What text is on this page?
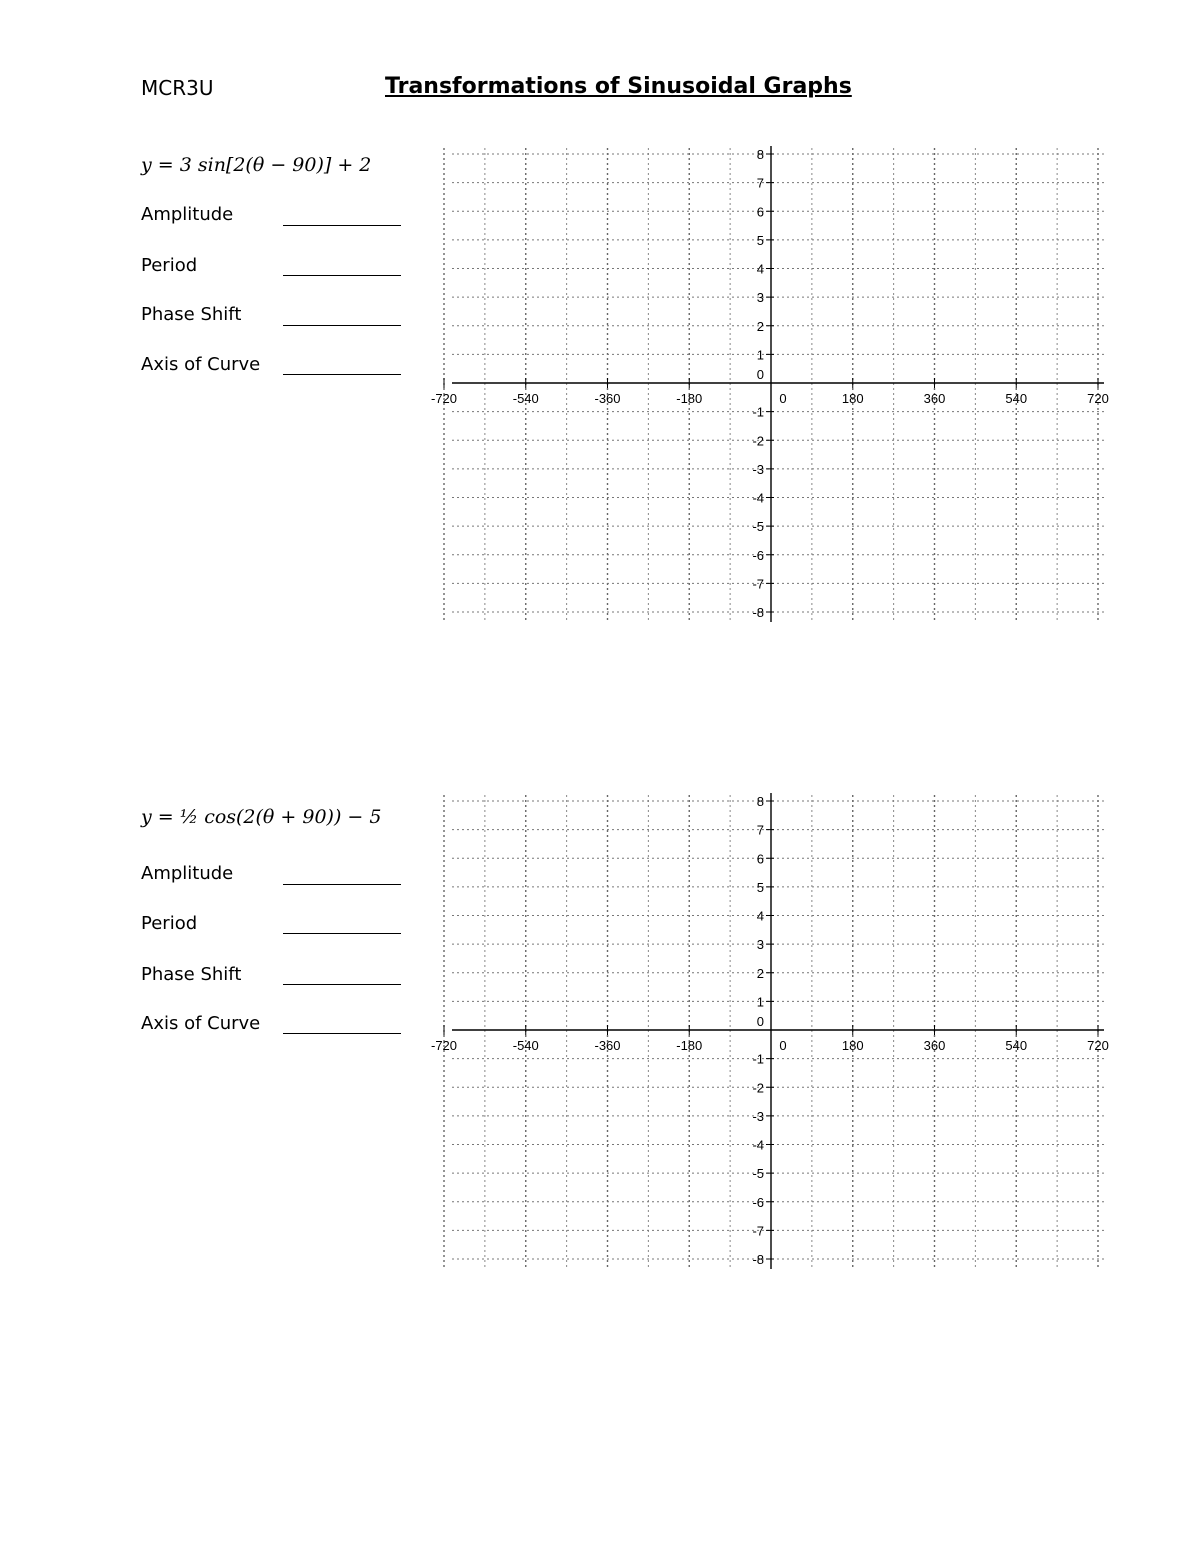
MCR3U	Transformations of Sinusoidal Graphs
y = 3 sin[2(θ − 90)] + 2
Amplitude
Period
Phase Shift
Axis of Curve
-720	-540	-360	-180	0	180	360	540	720
8
7
6
5
4
3
2
1
0
-1
-2
-3
-4
-5
-6
-7
-8
y = ½ cos(2(θ + 90)) − 5
Amplitude
Period
Phase Shift
Axis of Curve
-720	-540	-360	-180	0	180	360	540	720
8
7
6
5
4
3
2
1
0
-1
-2
-3
-4
-5
-6
-7
-8
